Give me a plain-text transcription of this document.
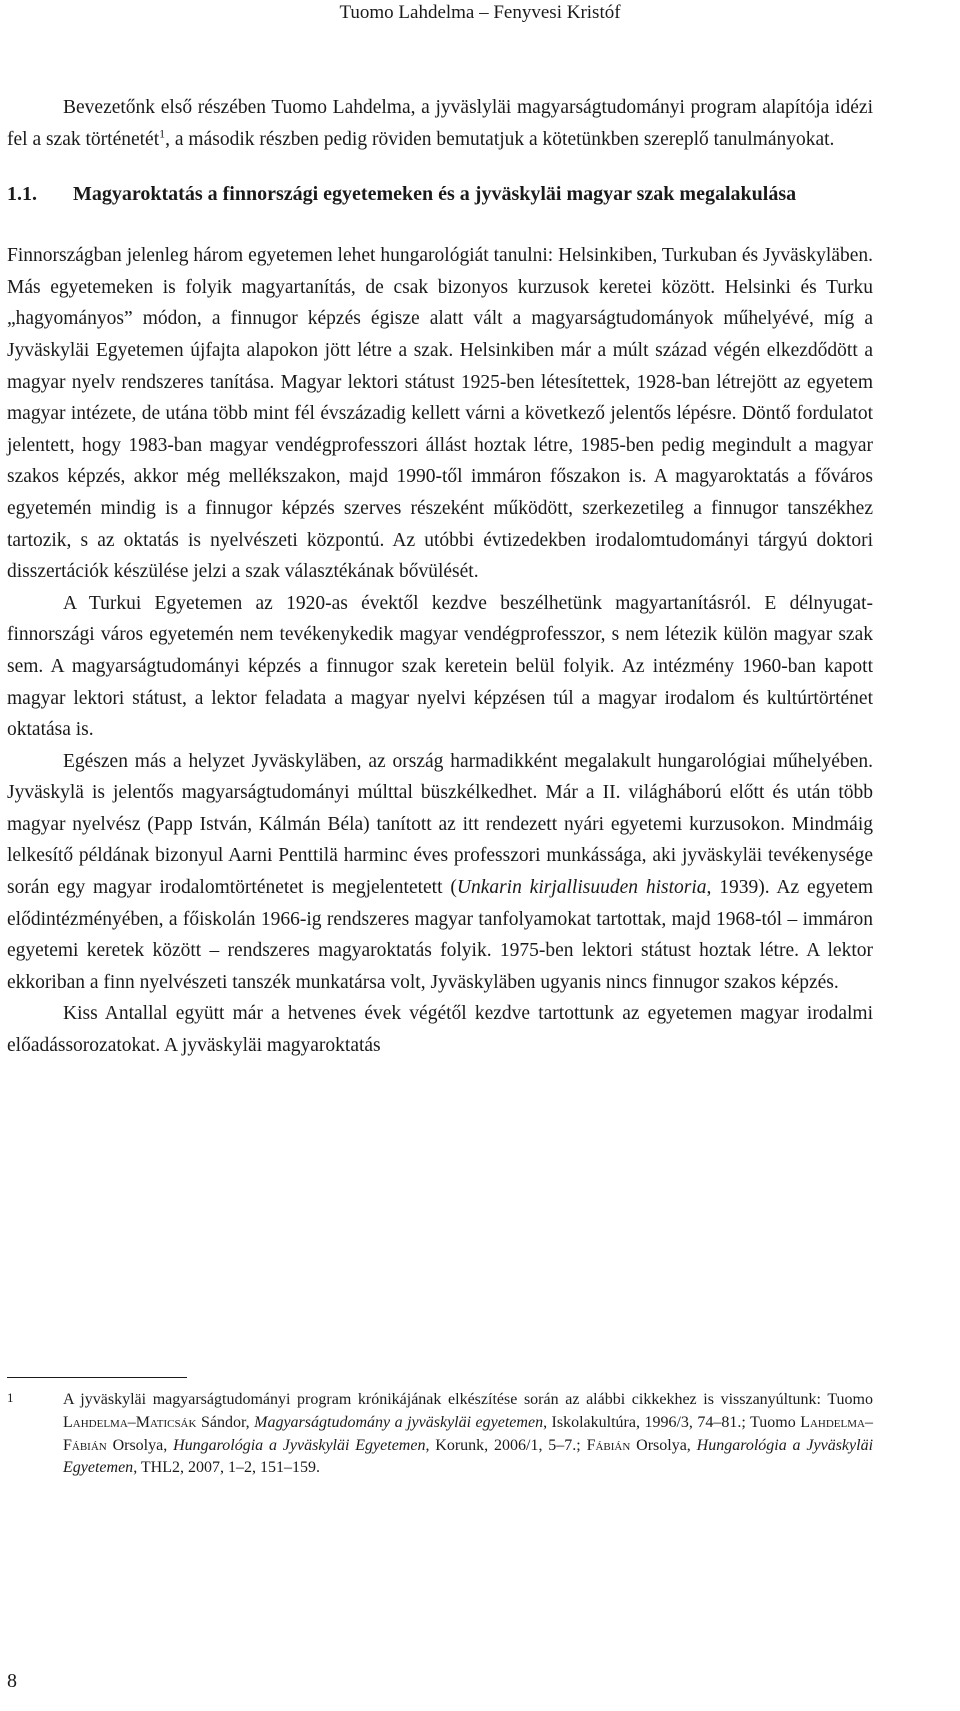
Tuomo Lahdelma – Fenyvesi Kristóf

Bevezetőnk első részében Tuomo Lahdelma, a jyväslyläi magyarságtudományi program alapítója idézi fel a szak történetét$^1$, a második részben pedig röviden bemutatjuk a kötetünkben szereplő tanulmányokat.

1.1. Magyaroktatás a finnországi egyetemeken és a jyväskyläi magyar szak megalakulása

Finnországban jelenleg három egyetemen lehet hungarológiát tanulni: Helsinkiben, Turkuban és Jyväskyläben. Más egyetemeken is folyik magyartanítás, de csak bizonyos kurzusok keretei között. Helsinki és Turku „hagyományos” módon, a finnugor képzés égisze alatt vált a magyarságtudományok műhelyévé, míg a Jyväskyläi Egyetemen újfajta alapokon jött létre a szak. Helsinkiben már a múlt század végén elkezdődött a magyar nyelv rendszeres tanítása. Magyar lektori státust 1925-ben létesítettek, 1928-ban létrejött az egyetem magyar intézete, de utána több mint fél évszázadig kellett várni a következő jelentős lépésre. Döntő fordulatot jelentett, hogy 1983-ban magyar vendégprofesszori állást hoztak létre, 1985-ben pedig megindult a magyar szakos képzés, akkor még mellékszakon, majd 1990-től immáron főszakon is. A magyaroktatás a főváros egyetemén mindig is a finnugor képzés szerves részeként működött, szerkezetileg a finnugor tanszékhez tartozik, s az oktatás is nyelvészeti központú. Az utóbbi évtizedekben irodalomtudományi tárgyú doktori disszertációk készülése jelzi a szak választékának bővülését.

A Turkui Egyetemen az 1920-as évektől kezdve beszélhetünk magyartanításról. E délnyugat-finnországi város egyetemén nem tevékenykedik magyar vendégprofesszor, s nem létezik külön magyar szak sem. A magyarságtudományi képzés a finnugor szak keretein belül folyik. Az intézmény 1960-ban kapott magyar lektori státust, a lektor feladata a magyar nyelvi képzésen túl a magyar irodalom és kultúrtörténet oktatása is.

Egészen más a helyzet Jyväskyläben, az ország harmadikként megalakult hungarológiai műhelyében. Jyväskylä is jelentős magyarságtudományi múlttal büszkélkedhet. Már a II. világháború előtt és után több magyar nyelvész (Papp István, Kálmán Béla) tanított az itt rendezett nyári egyetemi kurzusokon. Mindmáig lelkesítő példának bizonyul Aarni Penttilä harminc éves professzori munkássága, aki jyväskyläi tevékenysége során egy magyar irodalomtörténetet is megjelentetett (Unkarin kirjallisuuden historia, 1939). Az egyetem elődintézményében, a főiskolán 1966-ig rendszeres magyar tanfolyamokat tartottak, majd 1968-tól – immáron egyetemi keretek között – rendszeres magyaroktatás folyik. 1975-ben lektori státust hoztak létre. A lektor ekkoriban a finn nyelvészeti tanszék munkatársa volt, Jyväskyläben ugyanis nincs finnugor szakos képzés.

Kiss Antallal együtt már a hetvenes évek végétől kezdve tartottunk az egyetemen magyar irodalmi előadássorozatokat. A jyväskyläi magyaroktatás

1	A jyväskyläi magyarságtudományi program krónikájának elkészítése során az alábbi cikkekhez is visszanyúltunk: Tuomo Lahdelma–Maticsák Sándor, Magyarságtudomány a jyväskyläi egyetemen, Iskolakultúra, 1996/3, 74–81.; Tuomo Lahdelma–Fábián Orsolya, Hungarológia a Jyväskyläi Egyetemen, Korunk, 2006/1, 5–7.; Fábián Orsolya, Hungarológia a Jyväskyläi Egyetemen, THL2, 2007, 1–2, 151–159.
8
